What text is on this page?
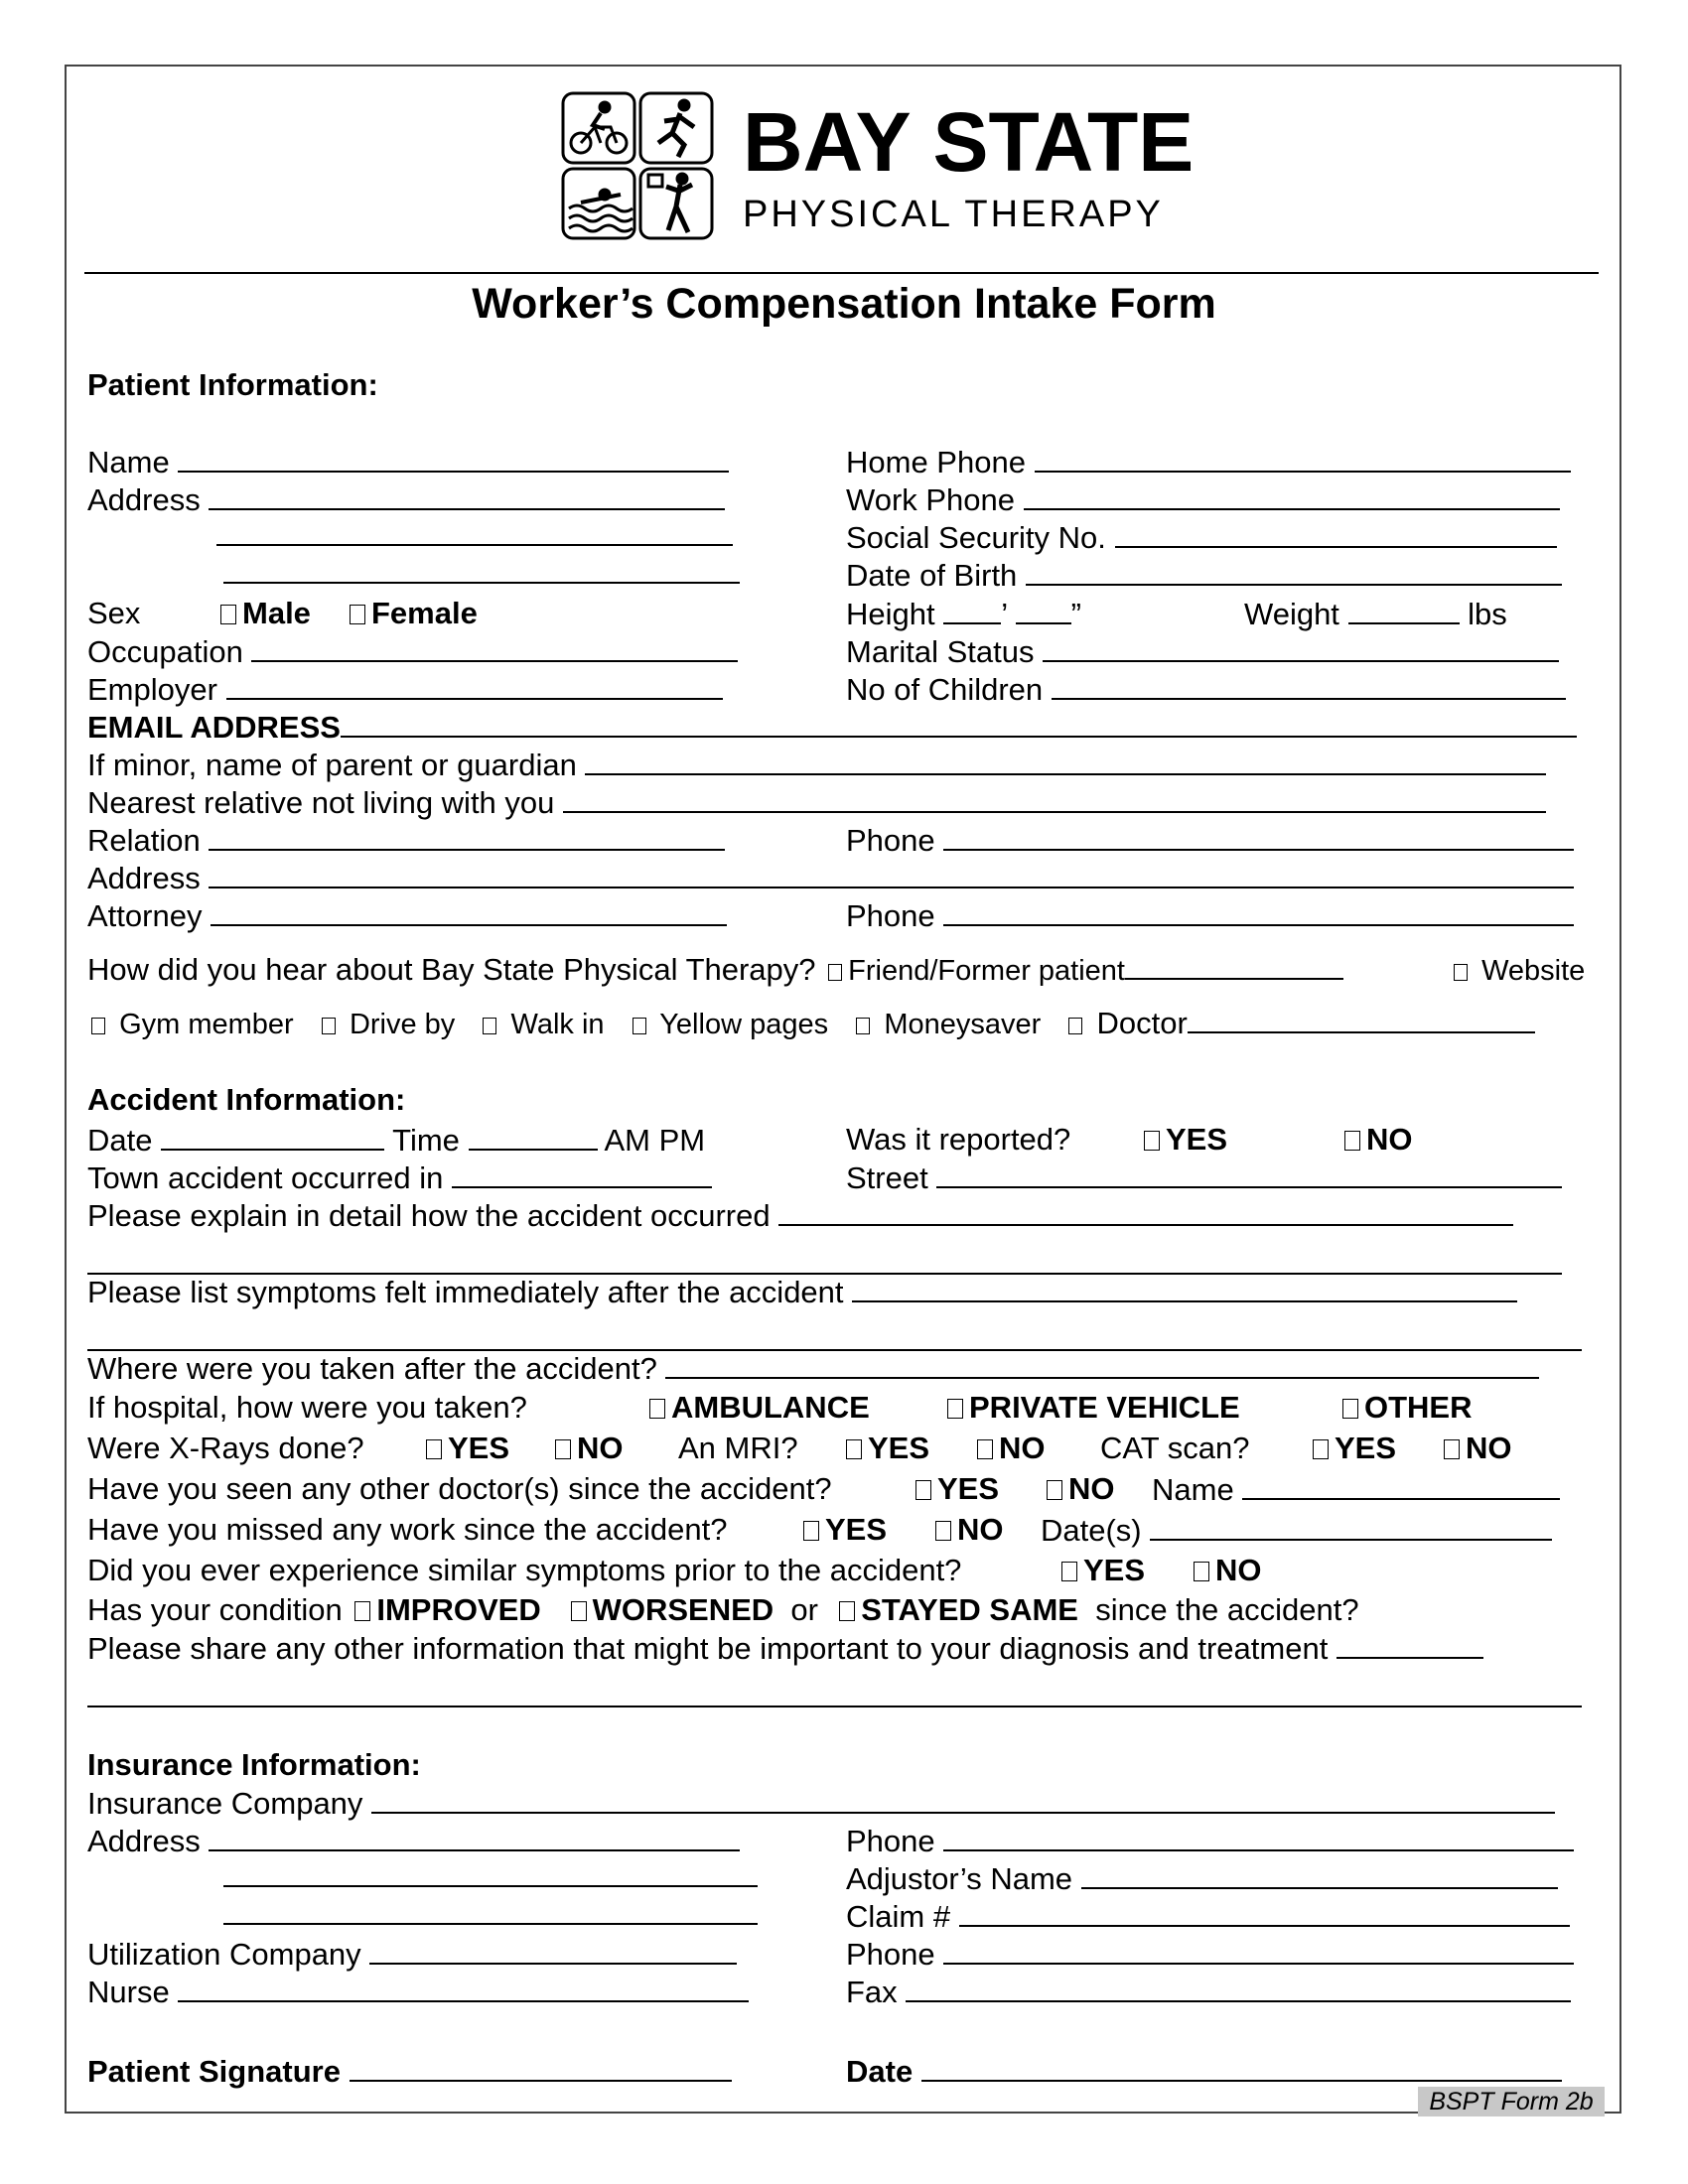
BAY STATE
PHYSICAL THERAPY
Worker’s Compensation Intake Form
Patient Information:
Name	Home Phone
Address	Work Phone
Social Security No.
Date of Birth
Sex	Male	Female	Height ’ ”	Weight	lbs
Occupation	Marital Status
Employer	No of Children
EMAIL ADDRESS
If minor, name of parent or guardian
Nearest relative not living with you
Relation	Phone
Address
Attorney	Phone
How did you hear about Bay State Physical Therapy? Friend/Former patient	Website
Gym member Drive by Walk in Yellow pages Moneysaver Doctor
Accident Information:
Date	Time	AM PM	Was it reported?	YES	NO
Town accident occurred in	Street
Please explain in detail how the accident occurred
Please list symptoms felt immediately after the accident
Where were you taken after the accident?
If hospital, how were you taken?	AMBULANCE	PRIVATE VEHICLE	OTHER
Were X-Rays done?	YES	NO An MRI?	YES	NO CAT scan?	YES	NO
Have you seen any other doctor(s) since the accident?	YES	NO Name
Have you missed any work since the accident?	YES	NO Date(s)
Did you ever experience similar symptoms prior to the accident?	YES	NO
Has your condition IMPROVED WORSENED or STAYED SAME since the accident?
Please share any other information that might be important to your diagnosis and treatment
Insurance Information:
Insurance Company
Address	Phone
Adjustor’s Name
Claim #
Utilization Company	Phone
Nurse	Fax
Patient Signature	Date
BSPT Form 2b
